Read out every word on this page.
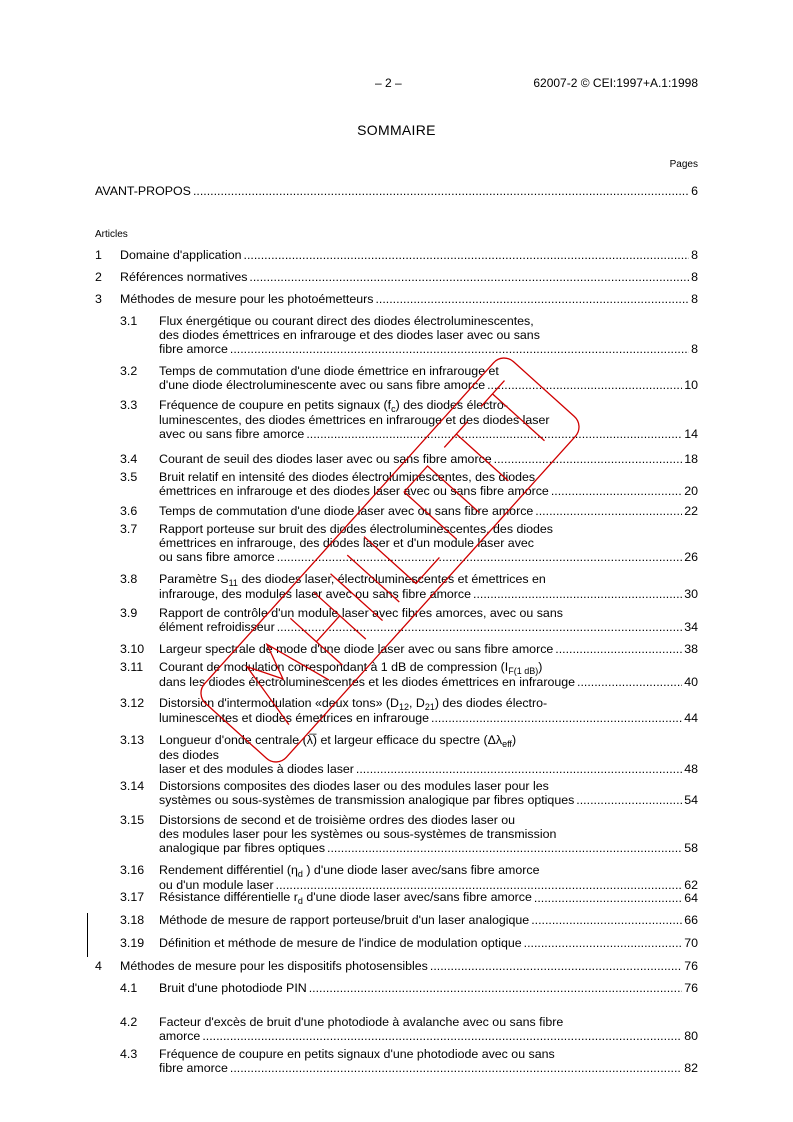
– 2 –	62007-2 © CEI:1997+A.1:1998
SOMMAIRE
Pages
Articles
AVANT-PROPOS .....	6
1 Domaine d'application .....	8
2 Références normatives .....	8
3 Méthodes de mesure pour les photoémetteurs .....	8
3.1 Flux énergétique ou courant direct des diodes électroluminescentes,
des diodes émettrices en infrarouge et des diodes laser avec ou sans
fibre amorce .....	8
3.2 Temps de commutation d'une diode émettrice en infrarouge et
d'une diode électroluminescente avec ou sans fibre amorce .....	10
3.3 Fréquence de coupure en petits signaux $(f_c)$ des diodes électro-
luminescentes, des diodes émettrices en infrarouge et des diodes laser
avec ou sans fibre amorce .....	14
3.4 Courant de seuil des diodes laser avec ou sans fibre amorce .....	18
3.5 Bruit relatif en intensité des diodes électroluminescentes, des diodes
émettrices en infrarouge et des diodes laser avec ou sans fibre amorce .....	20
3.6 Temps de commutation d'une diode laser avec ou sans fibre amorce .....	22
3.7 Rapport porteuse sur bruit des diodes électroluminescentes, des diodes
émettrices en infrarouge, des diodes laser et d'un module laser avec
ou sans fibre amorce .....	26
3.8 Paramètre $S_{11}$ des diodes laser, électroluminescentes et émettrices en
infrarouge, des modules laser avec ou sans fibre amorce .....	30
3.9 Rapport de contrôle d'un module laser avec fibres amorces, avec ou sans
élément refroidisseur .....	34
3.10 Largeur spectrale de mode d'une diode laser avec ou sans fibre amorce .....	38
3.11 Courant de modulation correspondant à 1 dB de compression $(I_{F(1 dB)})$
dans les diodes électroluminescentes et les diodes émettrices en infrarouge .....	40
3.12 Distorsion d'intermodulation «deux tons» ($D_{12}$, $D_{21}$) des diodes électro-
luminescentes et diodes émettrices en infrarouge .....	44
3.13 Longueur d'onde centrale (λ̅) et largeur efficace du spectre $(\Delta\lambda_{eff})$
des diodes
laser et des modules à diodes laser .....	48
3.14 Distorsions composites des diodes laser ou des modules laser pour les
systèmes ou sous-systèmes de transmission analogique par fibres optiques .....	54
3.15 Distorsions de second et de troisième ordres des diodes laser ou
des modules laser pour les systèmes ou sous-systèmes de transmission
analogique par fibres optiques .....	58
3.16 Rendement différentiel ($\eta_d$ ) d'une diode laser avec/sans fibre amorce
ou d'un module laser .....	62
3.17 Résistance différentielle $r_d$ d'une diode laser avec/sans fibre amorce .....	64
3.18 Méthode de mesure de rapport porteuse/bruit d'un laser analogique .....	66
3.19 Définition et méthode de mesure de l'indice de modulation optique .....	70
4 Méthodes de mesure pour les dispositifs photosensibles .....	76
4.1 Bruit d'une photodiode PIN .....	76
4.2 Facteur d'excès de bruit d'une photodiode à avalanche avec ou sans fibre
amorce .....	80
4.3 Fréquence de coupure en petits signaux d'une photodiode avec ou sans
fibre amorce .....	82
